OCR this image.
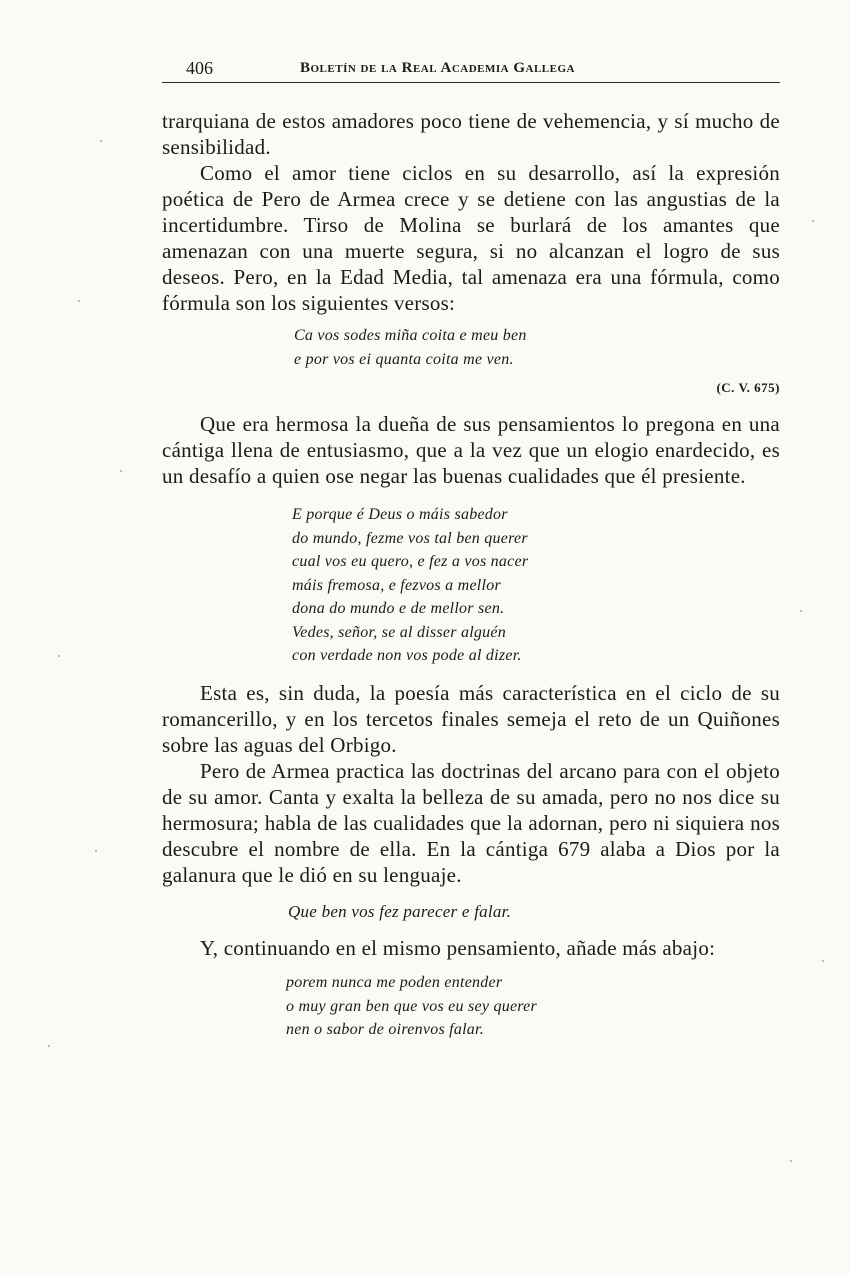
406	Boletín de la Real Academia Gallega

trarquiana de estos amadores poco tiene de vehemencia, y sí mucho de sensibilidad.

Como el amor tiene ciclos en su desarrollo, así la expresión poética de Pero de Armea crece y se detiene con las angustias de la incertidumbre. Tirso de Molina se burlará de los amantes que amenazan con una muerte segura, si no alcanzan el logro de sus deseos. Pero, en la Edad Media, tal amenaza era una fórmula, como fórmula son los siguientes versos:

Ca vos sodes miña coita e meu ben
e por vos ei quanta coita me ven.
(C. V. 675)

Que era hermosa la dueña de sus pensamientos lo pregona en una cántiga llena de entusiasmo, que a la vez que un elogio enardecido, es un desafío a quien ose negar las buenas cualidades que él presiente.

E porque é Deus o máis sabedor
do mundo, fezme vos tal ben querer
cual vos eu quero, e fez a vos nacer
máis fremosa, e fezvos a mellor
dona do mundo e de mellor sen.
Vedes, señor, se al disser alguén
con verdade non vos pode al dizer.

Esta es, sin duda, la poesía más característica en el ciclo de su romancerillo, y en los tercetos finales semeja el reto de un Quiñones sobre las aguas del Orbigo.

Pero de Armea practica las doctrinas del arcano para con el objeto de su amor. Canta y exalta la belleza de su amada, pero no nos dice su hermosura; habla de las cualidades que la adornan, pero ni siquiera nos descubre el nombre de ella. En la cántiga 679 alaba a Dios por la galanura que le dió en su lenguaje.

Que ben vos fez parecer e falar.

Y, continuando en el mismo pensamiento, añade más abajo:

porem nunca me poden entender
o muy gran ben que vos eu sey querer
nen o sabor de oirenvos falar.
